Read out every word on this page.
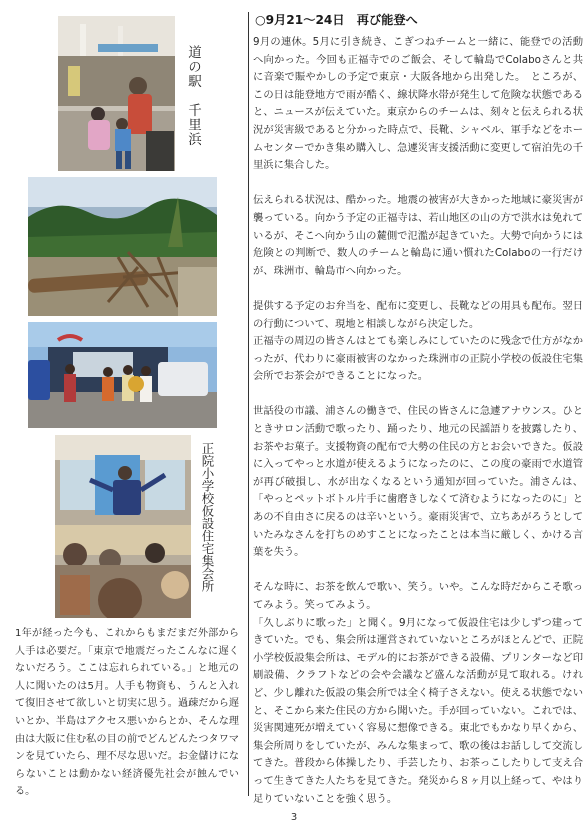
道の駅　千里浜

正院小学校仮設住宅集会所

1年が経った今も、これからもまだまだ外部から人手は必要だ。「東京で地震だったこんなに遅くないだろう。ここは忘れられている。」と地元の人に聞いたのは5月。人手も物資も、うんと入れて復旧させて欲しいと切実に思う。過疎だから遅いとか、半島はアクセス悪いからとか、そんな理由は大阪に住む私の目の前でどんどんたつタワマンを見ていたら、理不尽な思いだ。お金儲けにならないことは動かない経済優先社会が蝕んでいる。

○9月21～24日　再び能登へ

9月の連休。5月に引き続き、こぎつねチームと一緒に、能登での活動へ向かった。今回も正福寺でのご飯会、そして輪島でColaboさんと共に音楽で賑やかしの予定で東京・大阪各地から出発した。　ところが、この日は能登地方で雨が酷く、線状降水帯が発生して危険な状態であると、ニュースが伝えていた。東京からのチームは、刻々と伝えられる状況が災害級であると分かった時点で、長靴、シャベル、軍手などをホームセンターでかき集め購入し、急遽災害支援活動に変更して宿泊先の千里浜に集合した。

伝えられる状況は、酷かった。地震の被害が大きかった地域に豪災害が襲っている。向かう予定の正福寺は、若山地区の山の方で洪水は免れているが、そこへ向かう山の麓側で氾濫が起きていた。大勢で向かうには危険との判断で、数人のチームと輪島に通い慣れたColaboの一行だけが、珠洲市、輪島市へ向かった。

提供する予定のお弁当を、配布に変更し、長靴などの用具も配布。翌日の行動について、現地と相談しながら決定した。
正福寺の周辺の皆さんはとても楽しみにしていたのに残念で仕方がなかったが、代わりに豪雨被害のなかった珠洲市の正院小学校の仮設住宅集会所でお茶会ができることになった。

世話役の市議、浦さんの働きで、住民の皆さんに急遽アナウンス。ひとときサロン活動で歌ったり、踊ったり、地元の民謡語りを披露したり、お茶やお菓子。支援物資の配布で大勢の住民の方とお会いできた。仮設に入ってやっと水道が使えるようになったのに、この度の豪雨で水道管が再び破損し、水が出なくなるという通知が回っていた。浦さんは、「やっとペットボトル片手に歯磨きしなくて済むようになったのに」とあの不自由さに戻るのは辛いという。豪雨災害で、立ちあがろうとしていたみなさんを打ちのめすことになったことは本当に厳しく、かける言葉を失う。

そんな時に、お茶を飲んで歌い、笑う。いや。こんな時だからこそ歌ってみよう。笑ってみよう。
「久しぶりに歌った」と聞く。9月になって仮設住宅は少しずつ建ってきていた。でも、集会所は運営されていないところがほとんどで、正院小学校仮設集会所は、モデル的にお茶ができる設備、プリンターなど印刷設備、クラフトなどの会や会議など盛んな活動が見て取れる。けれど、少し離れた仮設の集会所では全く椅子さえない。使える状態でないと、そこから来た住民の方から聞いた。手が回っていない。これでは、災害関連死が増えていく容易に想像できる。東北でもかなり早くから、集会所周りをしていたが、みんな集まって、歌の後はお話しして交流してきた。普段から体操したり、手芸したり、お茶っこしたりして支え合って生きてきた人たちを見てきた。発災から８ヶ月以上経って、やはり足りていないことを強く思う。

3
